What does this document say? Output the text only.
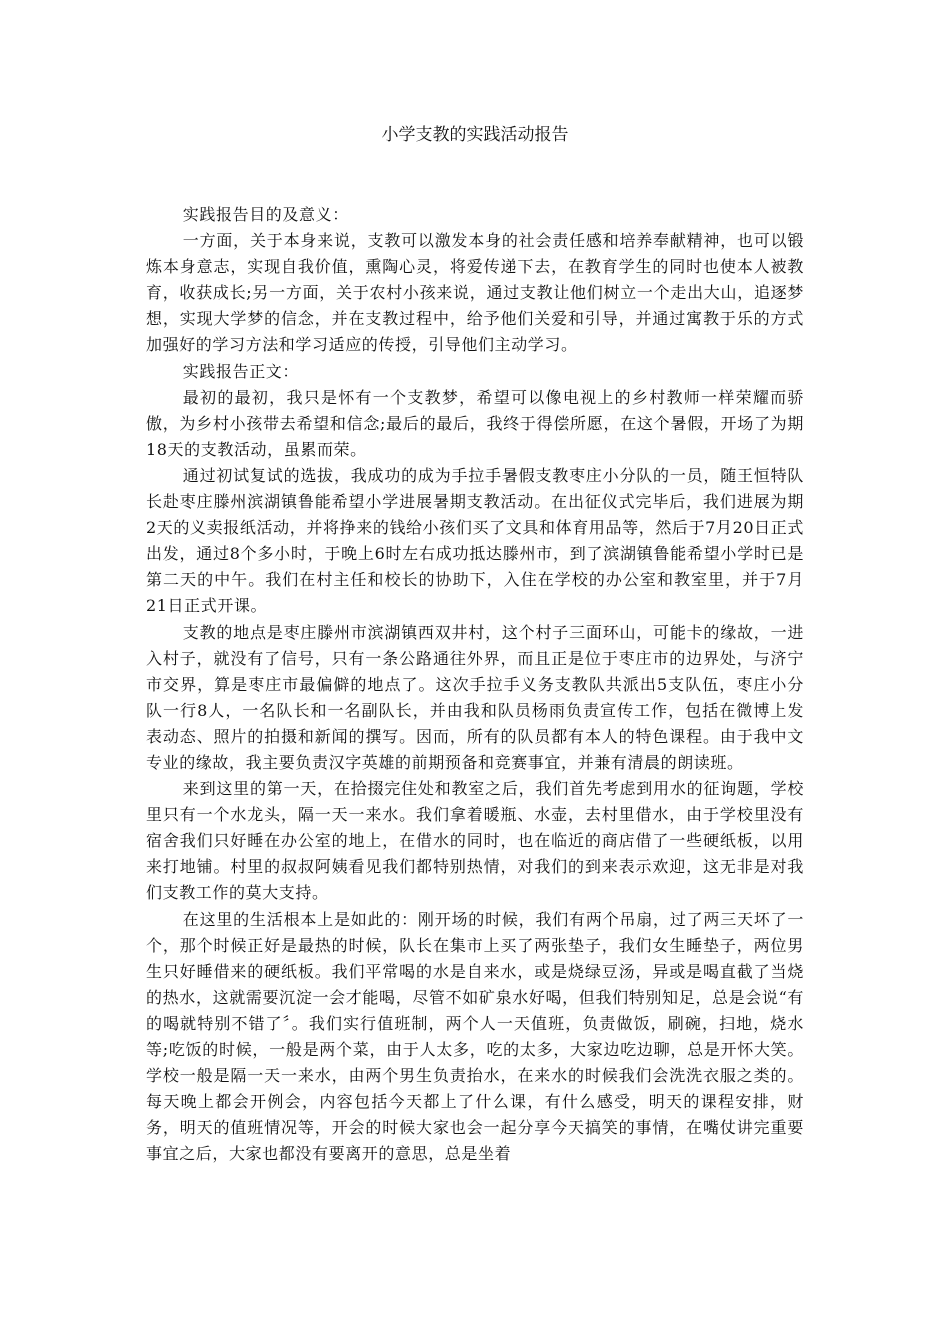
小学支教的实践活动报告

实践报告目的及意义：

一方面，关于本身来说，支教可以激发本身的社会责任感和培养奉献精神，也可以锻炼本身意志，实现自我价值，熏陶心灵，将爱传递下去，在教育学生的同时也使本人被教育，收获成长;另一方面，关于农村小孩来说，通过支教让他们树立一个走出大山，追逐梦想，实现大学梦的信念，并在支教过程中，给予他们关爱和引导，并通过寓教于乐的方式加强好的学习方法和学习适应的传授，引导他们主动学习。

实践报告正文：

最初的最初，我只是怀有一个支教梦，希望可以像电视上的乡村教师一样荣耀而骄傲，为乡村小孩带去希望和信念;最后的最后，我终于得偿所愿，在这个暑假，开场了为期18天的支教活动，虽累而荣。

通过初试复试的选拔，我成功的成为手拉手暑假支教枣庄小分队的一员，随王恒特队长赴枣庄滕州滨湖镇鲁能希望小学进展暑期支教活动。在出征仪式完毕后，我们进展为期2天的义卖报纸活动，并将挣来的钱给小孩们买了文具和体育用品等，然后于7月20日正式出发，通过8个多小时，于晚上6时左右成功抵达滕州市，到了滨湖镇鲁能希望小学时已是第二天的中午。我们在村主任和校长的协助下，入住在学校的办公室和教室里，并于7月21日正式开课。

支教的地点是枣庄滕州市滨湖镇西双井村，这个村子三面环山，可能卡的缘故，一进入村子，就没有了信号，只有一条公路通往外界，而且正是位于枣庄市的边界处，与济宁市交界，算是枣庄市最偏僻的地点了。这次手拉手义务支教队共派出5支队伍，枣庄小分队一行8人，一名队长和一名副队长，并由我和队员杨雨负责宣传工作，包括在微博上发表动态、照片的拍摄和新闻的撰写。因而，所有的队员都有本人的特色课程。由于我中文专业的缘故，我主要负责汉字英雄的前期预备和竞赛事宜，并兼有清晨的朗读班。

来到这里的第一天，在拾掇完住处和教室之后，我们首先考虑到用水的征询题，学校里只有一个水龙头，隔一天一来水。我们拿着暖瓶、水壶，去村里借水，由于学校里没有宿舍我们只好睡在办公室的地上，在借水的同时，也在临近的商店借了一些硬纸板，以用来打地铺。村里的叔叔阿姨看见我们都特别热情，对我们的到来表示欢迎，这无非是对我们支教工作的莫大支持。

在这里的生活根本上是如此的：刚开场的时候，我们有两个吊扇，过了两三天坏了一个，那个时候正好是最热的时候，队长在集市上买了两张垫子，我们女生睡垫子，两位男生只好睡借来的硬纸板。我们平常喝的水是自来水，或是烧绿豆汤，异或是喝直截了当烧的热水，这就需要沉淀一会才能喝，尽管不如矿泉水好喝，但我们特别知足，总是会说“有的喝就特别不错了〞。我们实行值班制，两个人一天值班，负责做饭，刷碗，扫地，烧水等;吃饭的时候，一般是两个菜，由于人太多，吃的太多，大家边吃边聊，总是开怀大笑。学校一般是隔一天一来水，由两个男生负责抬水，在来水的时候我们会洗洗衣服之类的。每天晚上都会开例会，内容包括今天都上了什么课，有什么感受，明天的课程安排，财务，明天的值班情况等，开会的时候大家也会一起分享今天搞笑的事情，在嘴仗讲完重要事宜之后，大家也都没有要离开的意思，总是坐着
